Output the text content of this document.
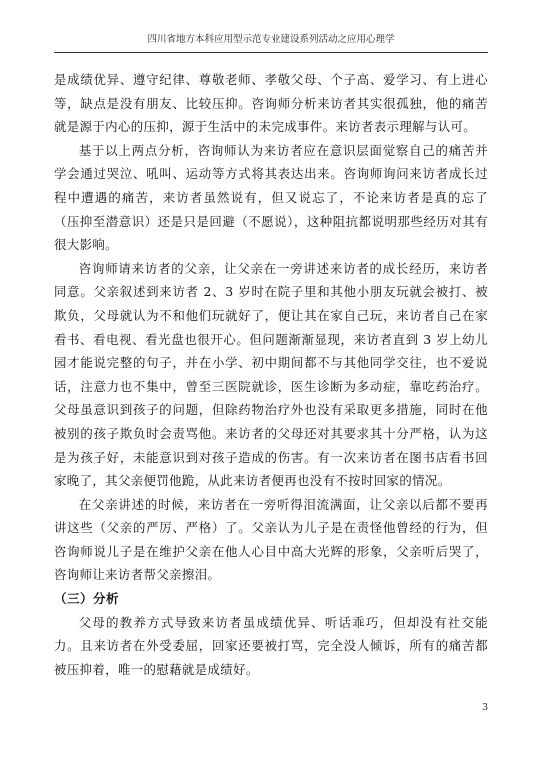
四川省地方本科应用型示范专业建设系列活动之应用心理学

是成绩优异、遵守纪律、尊敬老师、孝敬父母、个子高、爱学习、有上进心等，缺点是没有朋友、比较压抑。咨询师分析来访者其实很孤独，他的痛苦就是源于内心的压抑，源于生活中的未完成事件。来访者表示理解与认可。

基于以上两点分析，咨询师认为来访者应在意识层面觉察自己的痛苦并学会通过哭泣、吼叫、运动等方式将其表达出来。咨询师询问来访者成长过程中遭遇的痛苦，来访者虽然说有，但又说忘了，不论来访者是真的忘了（压抑至潜意识）还是只是回避（不愿说），这种阻抗都说明那些经历对其有很大影响。

咨询师请来访者的父亲，让父亲在一旁讲述来访者的成长经历，来访者同意。父亲叙述到来访者 2、3 岁时在院子里和其他小朋友玩就会被打、被欺负，父母就认为不和他们玩就好了，便让其在家自己玩，来访者自己在家看书、看电视、看光盘也很开心。但问题渐渐显现，来访者直到 3 岁上幼儿园才能说完整的句子，并在小学、初中期间都不与其他同学交往，也不爱说话，注意力也不集中，曾至三医院就诊，医生诊断为多动症，靠吃药治疗。父母虽意识到孩子的问题，但除药物治疗外也没有采取更多措施，同时在他被别的孩子欺负时会责骂他。来访者的父母还对其要求其十分严格，认为这是为孩子好，未能意识到对孩子造成的伤害。有一次来访者在图书店看书回家晚了，其父亲便罚他跪，从此来访者便再也没有不按时回家的情况。

在父亲讲述的时候，来访者在一旁听得泪流满面，让父亲以后都不要再讲这些（父亲的严厉、严格）了。父亲认为儿子是在责怪他曾经的行为，但咨询师说儿子是在维护父亲在他人心目中高大光辉的形象，父亲听后哭了，咨询师让来访者帮父亲擦泪。

（三）分析

父母的教养方式导致来访者虽成绩优异、听话乖巧，但却没有社交能力。且来访者在外受委屈，回家还要被打骂，完全没人倾诉，所有的痛苦都被压抑着，唯一的慰藉就是成绩好。

3
